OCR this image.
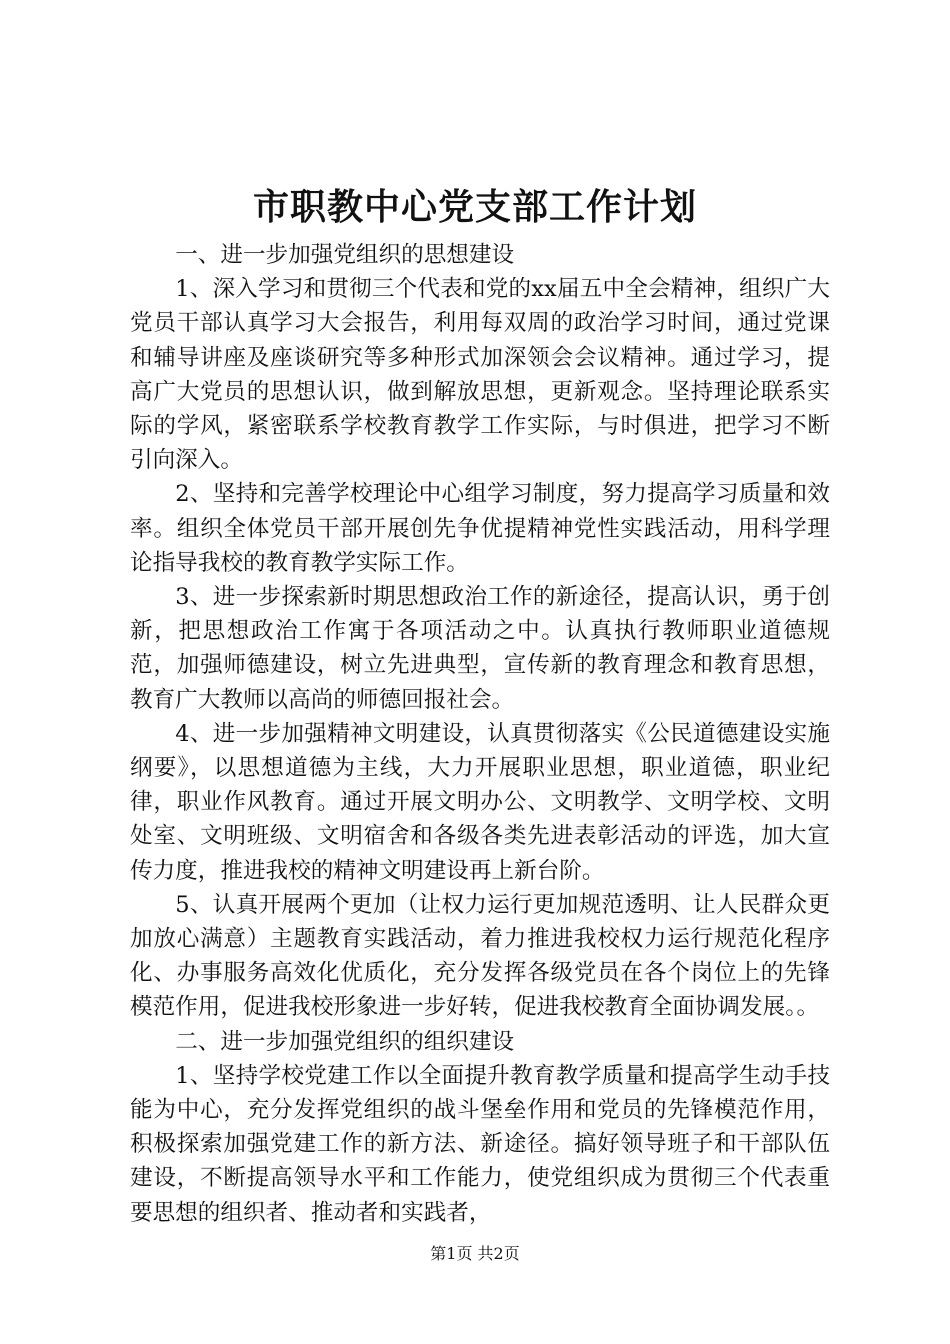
市职教中心党支部工作计划

一、进一步加强党组织的思想建设

1、深入学习和贯彻三个代表和党的xx届五中全会精神，组织广大党员干部认真学习大会报告，利用每双周的政治学习时间，通过党课和辅导讲座及座谈研究等多种形式加深领会会议精神。通过学习，提高广大党员的思想认识，做到解放思想，更新观念。坚持理论联系实际的学风，紧密联系学校教育教学工作实际，与时俱进，把学习不断引向深入。

2、坚持和完善学校理论中心组学习制度，努力提高学习质量和效率。组织全体党员干部开展创先争优提精神党性实践活动，用科学理论指导我校的教育教学实际工作。

3、进一步探索新时期思想政治工作的新途径，提高认识，勇于创新，把思想政治工作寓于各项活动之中。认真执行教师职业道德规范，加强师德建设，树立先进典型，宣传新的教育理念和教育思想，教育广大教师以高尚的师德回报社会。

4、进一步加强精神文明建设，认真贯彻落实《公民道德建设实施纲要》，以思想道德为主线，大力开展职业思想，职业道德，职业纪律，职业作风教育。通过开展文明办公、文明教学、文明学校、文明处室、文明班级、文明宿舍和各级各类先进表彰活动的评选，加大宣传力度，推进我校的精神文明建设再上新台阶。

5、认真开展两个更加（让权力运行更加规范透明、让人民群众更加放心满意）主题教育实践活动，着力推进我校权力运行规范化程序化、办事服务高效化优质化，充分发挥各级党员在各个岗位上的先锋模范作用，促进我校形象进一步好转，促进我校教育全面协调发展。。

二、进一步加强党组织的组织建设

1、坚持学校党建工作以全面提升教育教学质量和提高学生动手技能为中心，充分发挥党组织的战斗堡垒作用和党员的先锋模范作用，积极探索加强党建工作的新方法、新途径。搞好领导班子和干部队伍建设，不断提高领导水平和工作能力，使党组织成为贯彻三个代表重要思想的组织者、推动者和实践者，

第1页 共2页
